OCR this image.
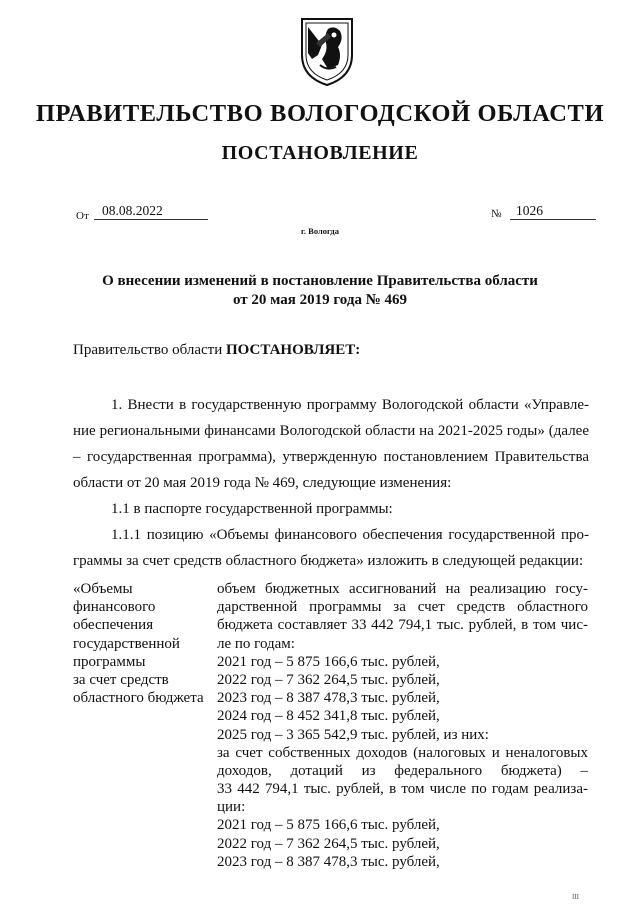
ПРАВИТЕЛЬСТВО ВОЛОГОДСКОЙ ОБЛАСТИ
ПОСТАНОВЛЕНИЕ
От 08.08.2022	№	1026
г. Вологда
О внесении изменений в постановление Правительства области
от 20 мая 2019 года № 469
Правительство области ПОСТАНОВЛЯЕТ:
1. Внести в государственную программу Вологодской области «Управле-
ние региональными финансами Вологодской области на 2021-2025 годы» (далее
– государственная программа), утвержденную постановлением Правительства
области от 20 мая 2019 года № 469, следующие изменения:
1.1 в паспорте государственной программы:
1.1.1 позицию «Объемы финансового обеспечения государственной про-
граммы за счет средств областного бюджета» изложить в следующей редакции:
«Объемы
финансового
обеспечения
государственной
программы
за счет средств
областного бюджета
объем бюджетных ассигнований на реализацию госу-
дарственной программы за счет средств областного
бюджета составляет 33 442 794,1 тыс. рублей, в том чис-
ле по годам:
2021 год – 5 875 166,6 тыс. рублей,
2022 год – 7 362 264,5 тыс. рублей,
2023 год – 8 387 478,3 тыс. рублей,
2024 год – 8 452 341,8 тыс. рублей,
2025 год – 3 365 542,9 тыс. рублей, из них:
за счет собственных доходов (налоговых и неналоговых
доходов, дотаций из федерального бюджета) –
33 442 794,1 тыс. рублей, в том числе по годам реализа-
ции:
2021 год – 5 875 166,6 тыс. рублей,
2022 год – 7 362 264,5 тыс. рублей,
2023 год – 8 387 478,3 тыс. рублей,
III
